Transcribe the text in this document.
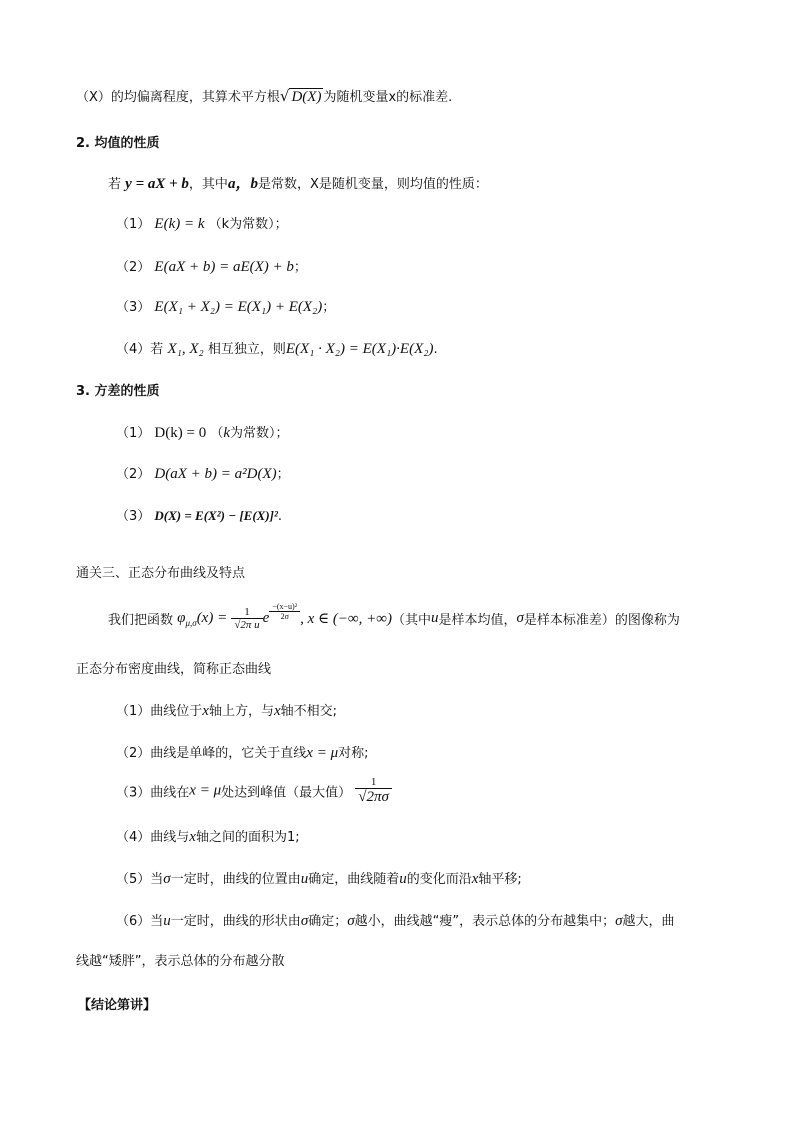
（X）的均偏离程度，其算术平方根√ D(X) 为随机变量x的标准差.
2. 均值的性质
若 y = aX + b，其中a，b是常数，X是随机变量，则均值的性质：
（1） E(k) = k （k为常数）；
（2） E(aX + b) = aE(X) + b；
（3） E(X₁ + X₂) = E(X₁) + E(X₂)；
（4）若 X₁, X₂ 相互独立，则E(X₁ · X₂) = E(X₁)·E(X₂).
3. 方差的性质
（1） D(k) = 0 （k为常数）；
（2） D(aX + b) = a²D(X)；
（3） D(X) = E(X²) − [E(X)]².
通关三、正态分布曲线及特点
我们把函数 $\varphi_{\mu,\sigma}(x) = \frac{1}{\text{√2π u}}$ e $\frac{\text{−(x−u)²}}{2\sigma}$ , x ∈ (−∞, +∞)（其中u是样本均值，σ是样本标准差）的图像称为
正态分布密度曲线，简称正态曲线
（1）曲线位于x轴上方，与x轴不相交;
（2）曲线是单峰的，它关于直线x = μ对称;
（3）曲线在x = μ处达到峰值（最大值） $\frac{1}{√2\pi\sigma}$
（4）曲线与x轴之间的面积为1;
（5）当σ一定时，曲线的位置由u确定，曲线随着u的变化而沿x轴平移;
（6）当u一定时，曲线的形状由σ确定；σ越小，曲线越“瘦”，表示总体的分布越集中；σ越大，曲
线越“矮胖”，表示总体的分布越分散
【结论第讲】
